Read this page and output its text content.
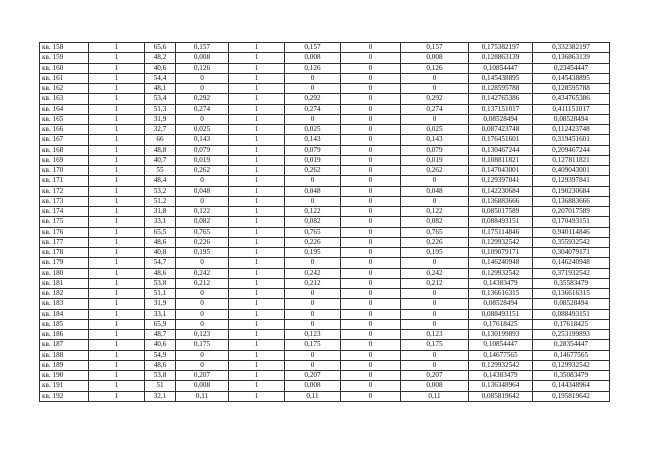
кв. 158	1	65,6	0,157	1	0,157	0	0,157	0,175382197	0,332382197
кв. 159	1	48,2	0,008	1	0,008	0	0,008	0,128863139	0,136863139
кв. 160	1	40,6	0,126	1	0,126	0	0,126	0,10854447	0,23454447
кв. 161	1	54,4	0	1	0	0	0	0,145438895	0,145438895
кв. 162	1	48,1	0	1	0	0	0	0,128595788	0,128595788
кв. 163	1	53,4	0,292	1	0,292	0	0,292	0,142765386	0,434765386
кв. 164	1	51,3	0,274	1	0,274	0	0,274	0,137151017	0,411151017
кв. 165	1	31,9	0	1	0	0	0	0,08528494	0,08528494
кв. 166	1	32,7	0,025	1	0,025	0	0,025	0,087423748	0,112423748
кв. 167	1	66	0,143	1	0,143	0	0,143	0,176451601	0,319451601
кв. 168	1	48,8	0,079	1	0,079	0	0,079	0,130467244	0,209467244
кв. 169	1	40,7	0,019	1	0,019	0	0,019	0,108811821	0,127811821
кв. 170	1	55	0,262	1	0,262	0	0,262	0,147043001	0,409043001
кв. 171	1	48,4	0	1	0	0	0	0,129397841	0,129397841
кв. 172	1	53,2	0,048	1	0,048	0	0,048	0,142230684	0,190230684
кв. 173	1	51,2	0	1	0	0	0	0,136883666	0,136883666
кв. 174	1	31,8	0,122	1	0,122	0	0,122	0,085017589	0,207017589
кв. 175	1	33,1	0,082	1	0,082	0	0,082	0,088493151	0,170493151
кв. 176	1	65,5	0,765	1	0,765	0	0,765	0,175114846	0,940114846
кв. 177	1	48,6	0,226	1	0,226	0	0,226	0,129932542	0,355932542
кв. 178	1	40,8	0,195	1	0,195	0	0,195	0,109079171	0,304079171
кв. 179	1	54,7	0	1	0	0	0	0,146240948	0,146240948
кв. 180	1	48,6	0,242	1	0,242	0	0,242	0,129932542	0,371932542
кв. 181	1	53,8	0,212	1	0,212	0	0,212	0,14383479	0,35583479
кв. 182	1	51,1	0	1	0	0	0	0,136616315	0,136616315
кв. 183	1	31,9	0	1	0	0	0	0,08528494	0,08528494
кв. 184	1	33,1	0	1	0	0	0	0,088493151	0,088493151
кв. 185	1	65,9	0	1	0	0	0	0,17618425	0,17618425
кв. 186	1	48,7	0,123	1	0,123	0	0,123	0,130199893	0,253199893
кв. 187	1	40,6	0,175	1	0,175	0	0,175	0,10854447	0,28354447
кв. 188	1	54,9	0	1	0	0	0	0,14677565	0,14677565
кв. 189	1	48,6	0	1	0	0	0	0,129932542	0,129932542
кв. 190	1	53,8	0,207	1	0,207	0	0,207	0,14383479	0,35083479
кв. 191	1	51	0,008	1	0,008	0	0,008	0,136348964	0,144348964
кв. 192	1	32,1	0,11	1	0,11	0	0,11	0,085819642	0,195819642
